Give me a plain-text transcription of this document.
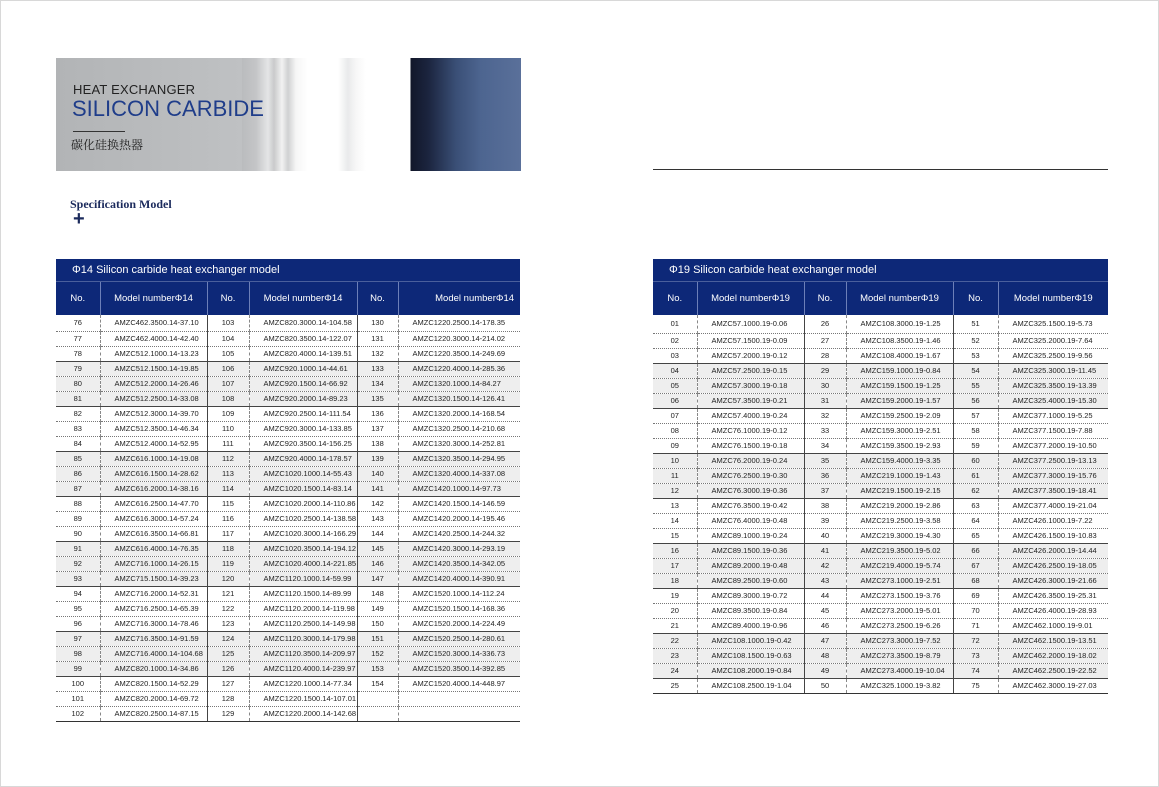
HEAT EXCHANGER
SILICON CARBIDE
碳化硅换热器
Specification Model
+
Φ14 Silicon carbide heat exchanger model					
No.	Model numberΦ14	No.	Model numberΦ14	No.	Model numberΦ14
76	AMZC462.3500.14-37.10	103	AMZC820.3000.14-104.58	130	AMZC1220.2500.14-178.35
77	AMZC462.4000.14-42.40	104	AMZC820.3500.14-122.07	131	AMZC1220.3000.14-214.02
78	AMZC512.1000.14-13.23	105	AMZC820.4000.14-139.51	132	AMZC1220.3500.14-249.69
79	AMZC512.1500.14-19.85	106	AMZC920.1000.14-44.61	133	AMZC1220.4000.14-285.36
80	AMZC512.2000.14-26.46	107	AMZC920.1500.14-66.92	134	AMZC1320.1000.14-84.27
81	AMZC512.2500.14-33.08	108	AMZC920.2000.14-89.23	135	AMZC1320.1500.14-126.41
82	AMZC512.3000.14-39.70	109	AMZC920.2500.14-111.54	136	AMZC1320.2000.14-168.54
83	AMZC512.3500.14-46.34	110	AMZC920.3000.14-133.85	137	AMZC1320.2500.14-210.68
84	AMZC512.4000.14-52.95	111	AMZC920.3500.14-156.25	138	AMZC1320.3000.14-252.81
85	AMZC616.1000.14-19.08	112	AMZC920.4000.14-178.57	139	AMZC1320.3500.14-294.95
86	AMZC616.1500.14-28.62	113	AMZC1020.1000.14-55.43	140	AMZC1320.4000.14-337.08
87	AMZC616.2000.14-38.16	114	AMZC1020.1500.14-83.14	141	AMZC1420.1000.14-97.73
88	AMZC616.2500.14-47.70	115	AMZC1020.2000.14-110.86	142	AMZC1420.1500.14-146.59
89	AMZC616.3000.14-57.24	116	AMZC1020.2500.14-138.58	143	AMZC1420.2000.14-195.46
90	AMZC616.3500.14-66.81	117	AMZC1020.3000.14-166.29	144	AMZC1420.2500.14-244.32
91	AMZC616.4000.14-76.35	118	AMZC1020.3500.14-194.12	145	AMZC1420.3000.14-293.19
92	AMZC716.1000.14-26.15	119	AMZC1020.4000.14-221.85	146	AMZC1420.3500.14-342.05
93	AMZC715.1500.14-39.23	120	AMZC1120.1000.14-59.99	147	AMZC1420.4000.14-390.91
94	AMZC716.2000.14-52.31	121	AMZC1120.1500.14-89.99	148	AMZC1520.1000.14-112.24
95	AMZC716.2500.14-65.39	122	AMZC1120.2000.14-119.98	149	AMZC1520.1500.14-168.36
96	AMZC716.3000.14-78.46	123	AMZC1120.2500.14-149.98	150	AMZC1520.2000.14-224.49
97	AMZC716.3500.14-91.59	124	AMZC1120.3000.14-179.98	151	AMZC1520.2500.14-280.61
98	AMZC716.4000.14-104.68	125	AMZC1120.3500.14-209.97	152	AMZC1520.3000.14-336.73
99	AMZC820.1000.14-34.86	126	AMZC1120.4000.14-239.97	153	AMZC1520.3500.14-392.85
100	AMZC820.1500.14-52.29	127	AMZC1220.1000.14-77.34	154	AMZC1520.4000.14-448.97
101	AMZC820.2000.14-69.72	128	AMZC1220.1500.14-107.01		
102	AMZC820.2500.14-87.15	129	AMZC1220.2000.14-142.68		
Φ19 Silicon carbide heat exchanger model					
No.	Model numberΦ19	No.	Model numberΦ19	No.	Model numberΦ19
01	AMZC57.1000.19-0.06	26	AMZC108.3000.19-1.25	51	AMZC325.1500.19-5.73
02	AMZC57.1500.19-0.09	27	AMZC108.3500.19-1.46	52	AMZC325.2000.19-7.64
03	AMZC57.2000.19-0.12	28	AMZC108.4000.19-1.67	53	AMZC325.2500.19-9.56
04	AMZC57.2500.19-0.15	29	AMZC159.1000.19-0.84	54	AMZC325.3000.19-11.45
05	AMZC57.3000.19-0.18	30	AMZC159.1500.19-1.25	55	AMZC325.3500.19-13.39
06	AMZC57.3500.19-0.21	31	AMZC159.2000.19-1.57	56	AMZC325.4000.19-15.30
07	AMZC57.4000.19-0.24	32	AMZC159.2500.19-2.09	57	AMZC377.1000.19-5.25
08	AMZC76.1000.19-0.12	33	AMZC159.3000.19-2.51	58	AMZC377.1500.19-7.88
09	AMZC76.1500.19-0.18	34	AMZC159.3500.19-2.93	59	AMZC377.2000.19-10.50
10	AMZC76.2000.19-0.24	35	AMZC159.4000.19-3.35	60	AMZC377.2500.19-13.13
11	AMZC76.2500.19-0.30	36	AMZC219.1000.19-1.43	61	AMZC377.3000.19-15.76
12	AMZC76.3000.19-0.36	37	AMZC219.1500.19-2.15	62	AMZC377.3500.19-18.41
13	AMZC76.3500.19-0.42	38	AMZC219.2000.19-2.86	63	AMZC377.4000.19-21.04
14	AMZC76.4000.19-0.48	39	AMZC219.2500.19-3.58	64	AMZC426.1000.19-7.22
15	AMZC89.1000.19-0.24	40	AMZC219.3000.19-4.30	65	AMZC426.1500.19-10.83
16	AMZC89.1500.19-0.36	41	AMZC219.3500.19-5.02	66	AMZC426.2000.19-14.44
17	AMZC89.2000.19-0.48	42	AMZC219.4000.19-5.74	67	AMZC426.2500.19-18.05
18	AMZC89.2500.19-0.60	43	AMZC273.1000.19-2.51	68	AMZC426.3000.19-21.66
19	AMZC89.3000.19-0.72	44	AMZC273.1500.19-3.76	69	AMZC426.3500.19-25.31
20	AMZC89.3500.19-0.84	45	AMZC273.2000.19-5.01	70	AMZC426.4000.19-28.93
21	AMZC89.4000.19-0.96	46	AMZC273.2500.19-6.26	71	AMZC462.1000.19-9.01
22	AMZC108.1000.19-0.42	47	AMZC273.3000.19-7.52	72	AMZC462.1500.19-13.51
23	AMZC108.1500.19-0.63	48	AMZC273.3500.19-8.79	73	AMZC462.2000.19-18.02
24	AMZC108.2000.19-0.84	49	AMZC273.4000.19-10.04	74	AMZC462.2500.19-22.52
25	AMZC108.2500.19-1.04	50	AMZC325.1000.19-3.82	75	AMZC462.3000.19-27.03
